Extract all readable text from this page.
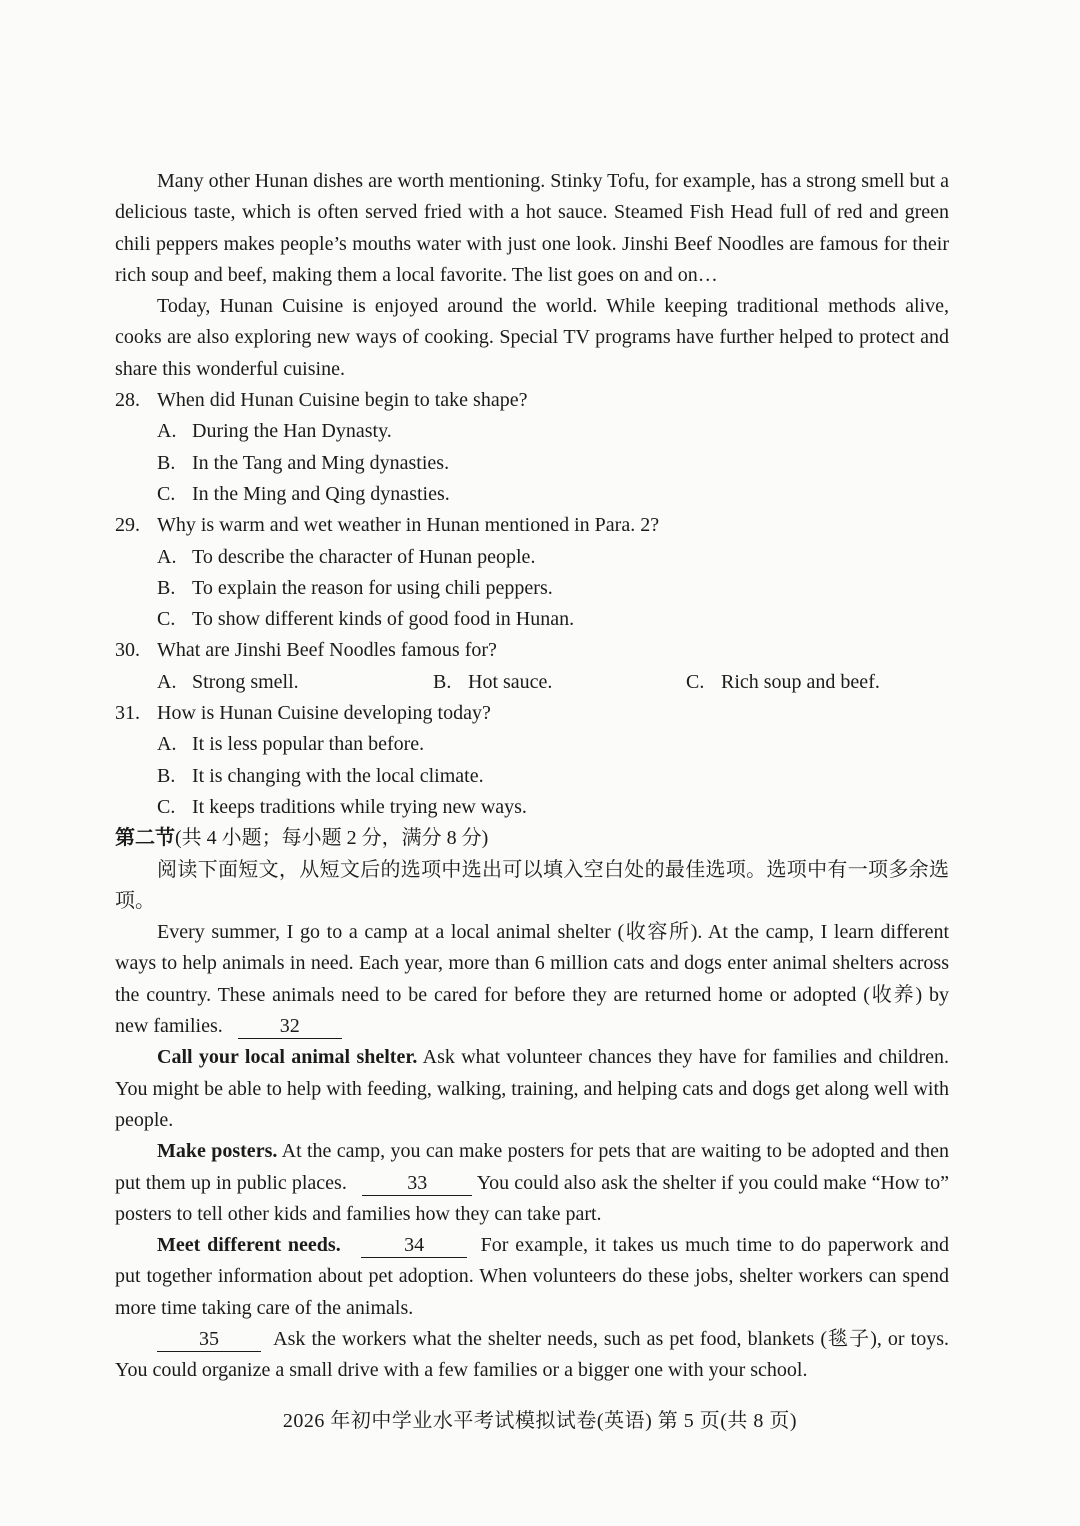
Many other Hunan dishes are worth mentioning. Stinky Tofu, for example, has a strong smell but a delicious taste, which is often served fried with a hot sauce. Steamed Fish Head full of red and green chili peppers makes people’s mouths water with just one look. Jinshi Beef Noodles are famous for their rich soup and beef, making them a local favorite. The list goes on and on…

Today, Hunan Cuisine is enjoyed around the world. While keeping traditional methods alive, cooks are also exploring new ways of cooking. Special TV programs have further helped to protect and share this wonderful cuisine.

28. When did Hunan Cuisine begin to take shape?
A. During the Han Dynasty.
B. In the Tang and Ming dynasties.
C. In the Ming and Qing dynasties.
29. Why is warm and wet weather in Hunan mentioned in Para. 2?
A. To describe the character of Hunan people.
B. To explain the reason for using chili peppers.
C. To show different kinds of good food in Hunan.
30. What are Jinshi Beef Noodles famous for?
A. Strong smell.	B. Hot sauce.	C. Rich soup and beef.
31. How is Hunan Cuisine developing today?
A. It is less popular than before.
B. It is changing with the local climate.
C. It keeps traditions while trying new ways.
第二节(共 4 小题；每小题 2 分，满分 8 分)

阅读下面短文，从短文后的选项中选出可以填入空白处的最佳选项。选项中有一项多余选项。

Every summer, I go to a camp at a local animal shelter (收容所). At the camp, I learn different ways to help animals in need. Each year, more than 6 million cats and dogs enter animal shelters across the country. These animals need to be cared for before they are returned home or adopted (收养) by new families.	32

Call your local animal shelter. Ask what volunteer chances they have for families and children. You might be able to help with feeding, walking, training, and helping cats and dogs get along well with people.

Make posters. At the camp, you can make posters for pets that are waiting to be adopted and then put them up in public places.	33 You could also ask the shelter if you could make “How to” posters to tell other kids and families how they can take part.

Meet different needs.	34	For example, it takes us much time to do paperwork and put together information about pet adoption. When volunteers do these jobs, shelter workers can spend more time taking care of the animals.

35	Ask the workers what the shelter needs, such as pet food, blankets (毯子), or toys. You could organize a small drive with a few families or a bigger one with your school.

2026 年初中学业水平考试模拟试卷(英语) 第 5 页(共 8 页)
